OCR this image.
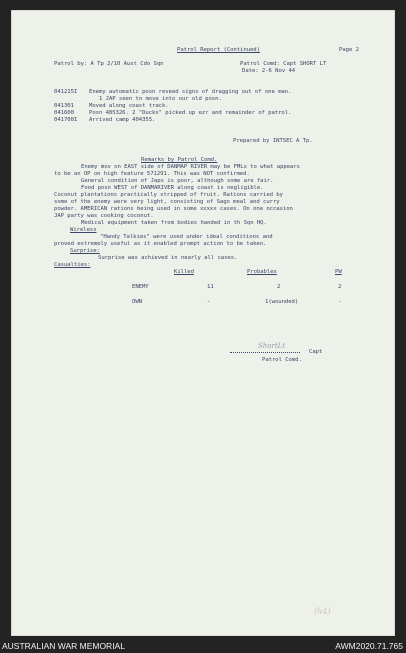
Patrol Report (Continued)	Page 2
Patrol by: A Tp 2/10 Aust Cdo Sqn	Patrol Comd: Capt SHORT LT
Date: 2-6 Nov 44
041215I Enemy automatic posn reveed signs of dragging out of one man.
1 JAP seen to move into our old posn.
041301	Moved along coast track.
041600	Posn 485326. 2 "Ducks" picked up ezr and remainder of patrol.
041700I Arrived camp 404355.
Prepared by INTSEC A Tp.
Remarks by Patrol Comd.
Enemy mov on EAST side of DANMAP RIVER may be FMLs to what appears
to be an OP on high feature 571291. This was NOT confirmed.
General condition of Japs is poor, although some are fair.
Food posn WEST of DANMARIVER along coast is negligible.
Coconut plantations practically stripped of fruit. Rations carried by
some of the enemy were very light, consisting of Sago meal and curry
powder. AMERICAN rations being used in some xxxxx cases. On one occasion
JAP party was cooking coconut.
Medical equipment taken from bodies handed in th Sqn HQ.
Wireless
"Handy Talkies" were used under ideal conditions and
proved extremely useful as it enabled prompt action to be taken.
Surprise:
Surprise was achieved in nearly all cases.
Casualties:
Killed	Probables	PW
ENEMY	11	2	2
OWN	-	1(wounded)	-
ShortLt
Capt
Patrol Comd.
(h4)
AUSTRALIAN WAR MEMORIAL	AWM2020.71.765
